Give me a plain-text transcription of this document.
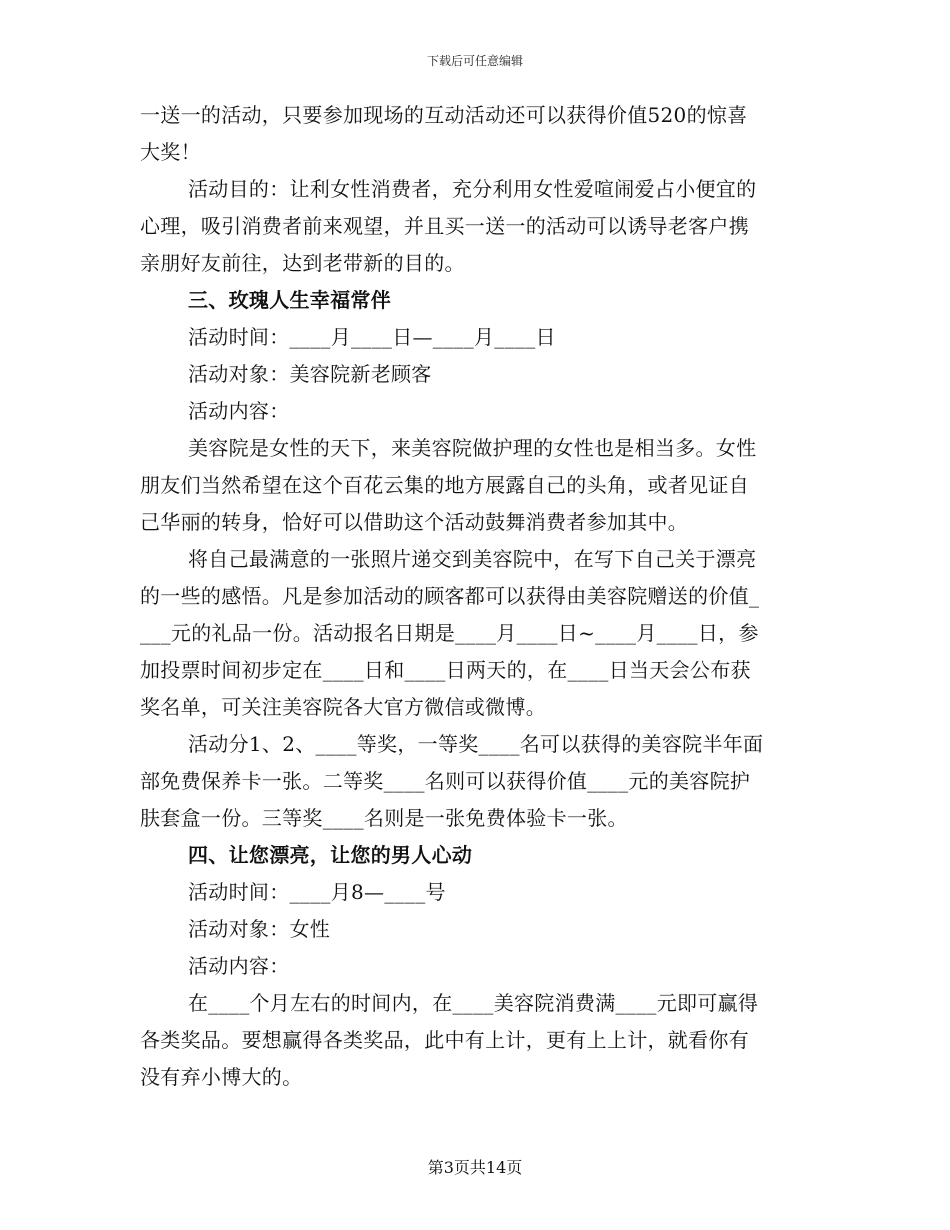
下载后可任意编辑
一送一的活动，只要参加现场的互动活动还可以获得价值520的惊喜
大奖！
活动目的：让利女性消费者，充分利用女性爱喧闹爱占小便宜的
心理，吸引消费者前来观望，并且买一送一的活动可以诱导老客户携
亲朋好友前往，达到老带新的目的。
三、玫瑰人生幸福常伴
活动时间：____月____日—____月____日
活动对象：美容院新老顾客
活动内容：
美容院是女性的天下，来美容院做护理的女性也是相当多。女性
朋友们当然希望在这个百花云集的地方展露自己的头角，或者见证自
己华丽的转身，恰好可以借助这个活动鼓舞消费者参加其中。
将自己最满意的一张照片递交到美容院中，在写下自己关于漂亮
的一些的感悟。凡是参加活动的顾客都可以获得由美容院赠送的价值_
___元的礼品一份。活动报名日期是____月____日~____月____日，参
加投票时间初步定在____日和____日两天的，在____日当天会公布获
奖名单，可关注美容院各大官方微信或微博。
活动分1、2、____等奖，一等奖____名可以获得的美容院半年面
部免费保养卡一张。二等奖____名则可以获得价值____元的美容院护
肤套盒一份。三等奖____名则是一张免费体验卡一张。
四、让您漂亮，让您的男人心动
活动时间：____月8—____号
活动对象：女性
活动内容：
在____个月左右的时间内，在____美容院消费满____元即可赢得
各类奖品。要想赢得各类奖品，此中有上计，更有上上计，就看你有
没有弃小博大的。
第3页共14页
